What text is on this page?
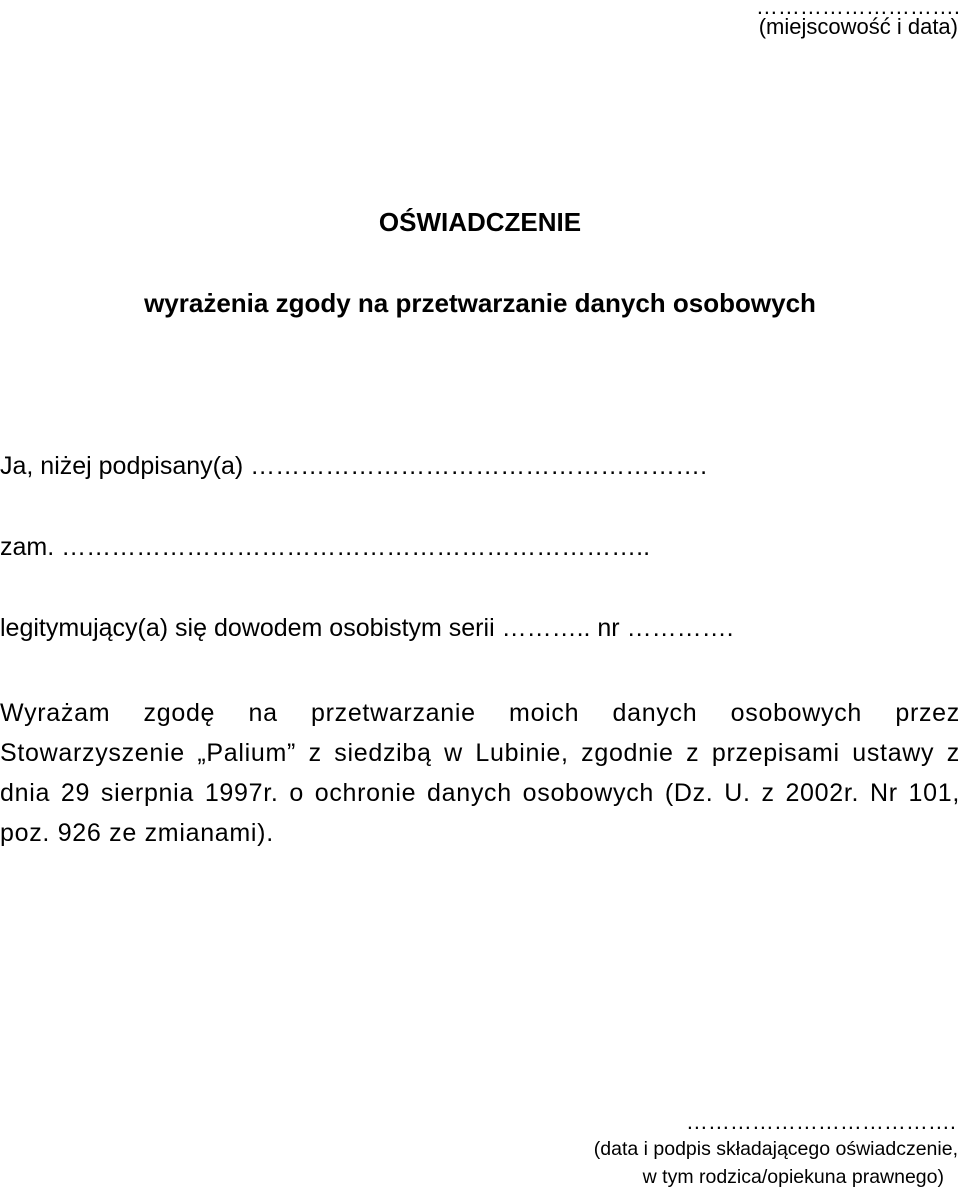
……………………….
(miejscowość i data)
OŚWIADCZENIE
wyrażenia zgody na przetwarzanie danych osobowych
Ja, niżej podpisany(a) ……………………………………………….
zam. ……………………………………………………………..
legitymujący(a) się dowodem osobistym serii ……….. nr ………….

Wyrażam zgodę na przetwarzanie moich danych osobowych przez Stowarzyszenie „Palium” z siedzibą w Lubinie, zgodnie z przepisami ustawy z dnia 29 sierpnia 1997r. o ochronie danych osobowych (Dz. U. z 2002r. Nr 101, poz. 926 ze zmianami).

……………………………….
(data i podpis składającego oświadczenie,
w tym rodzica/opiekuna prawnego)
